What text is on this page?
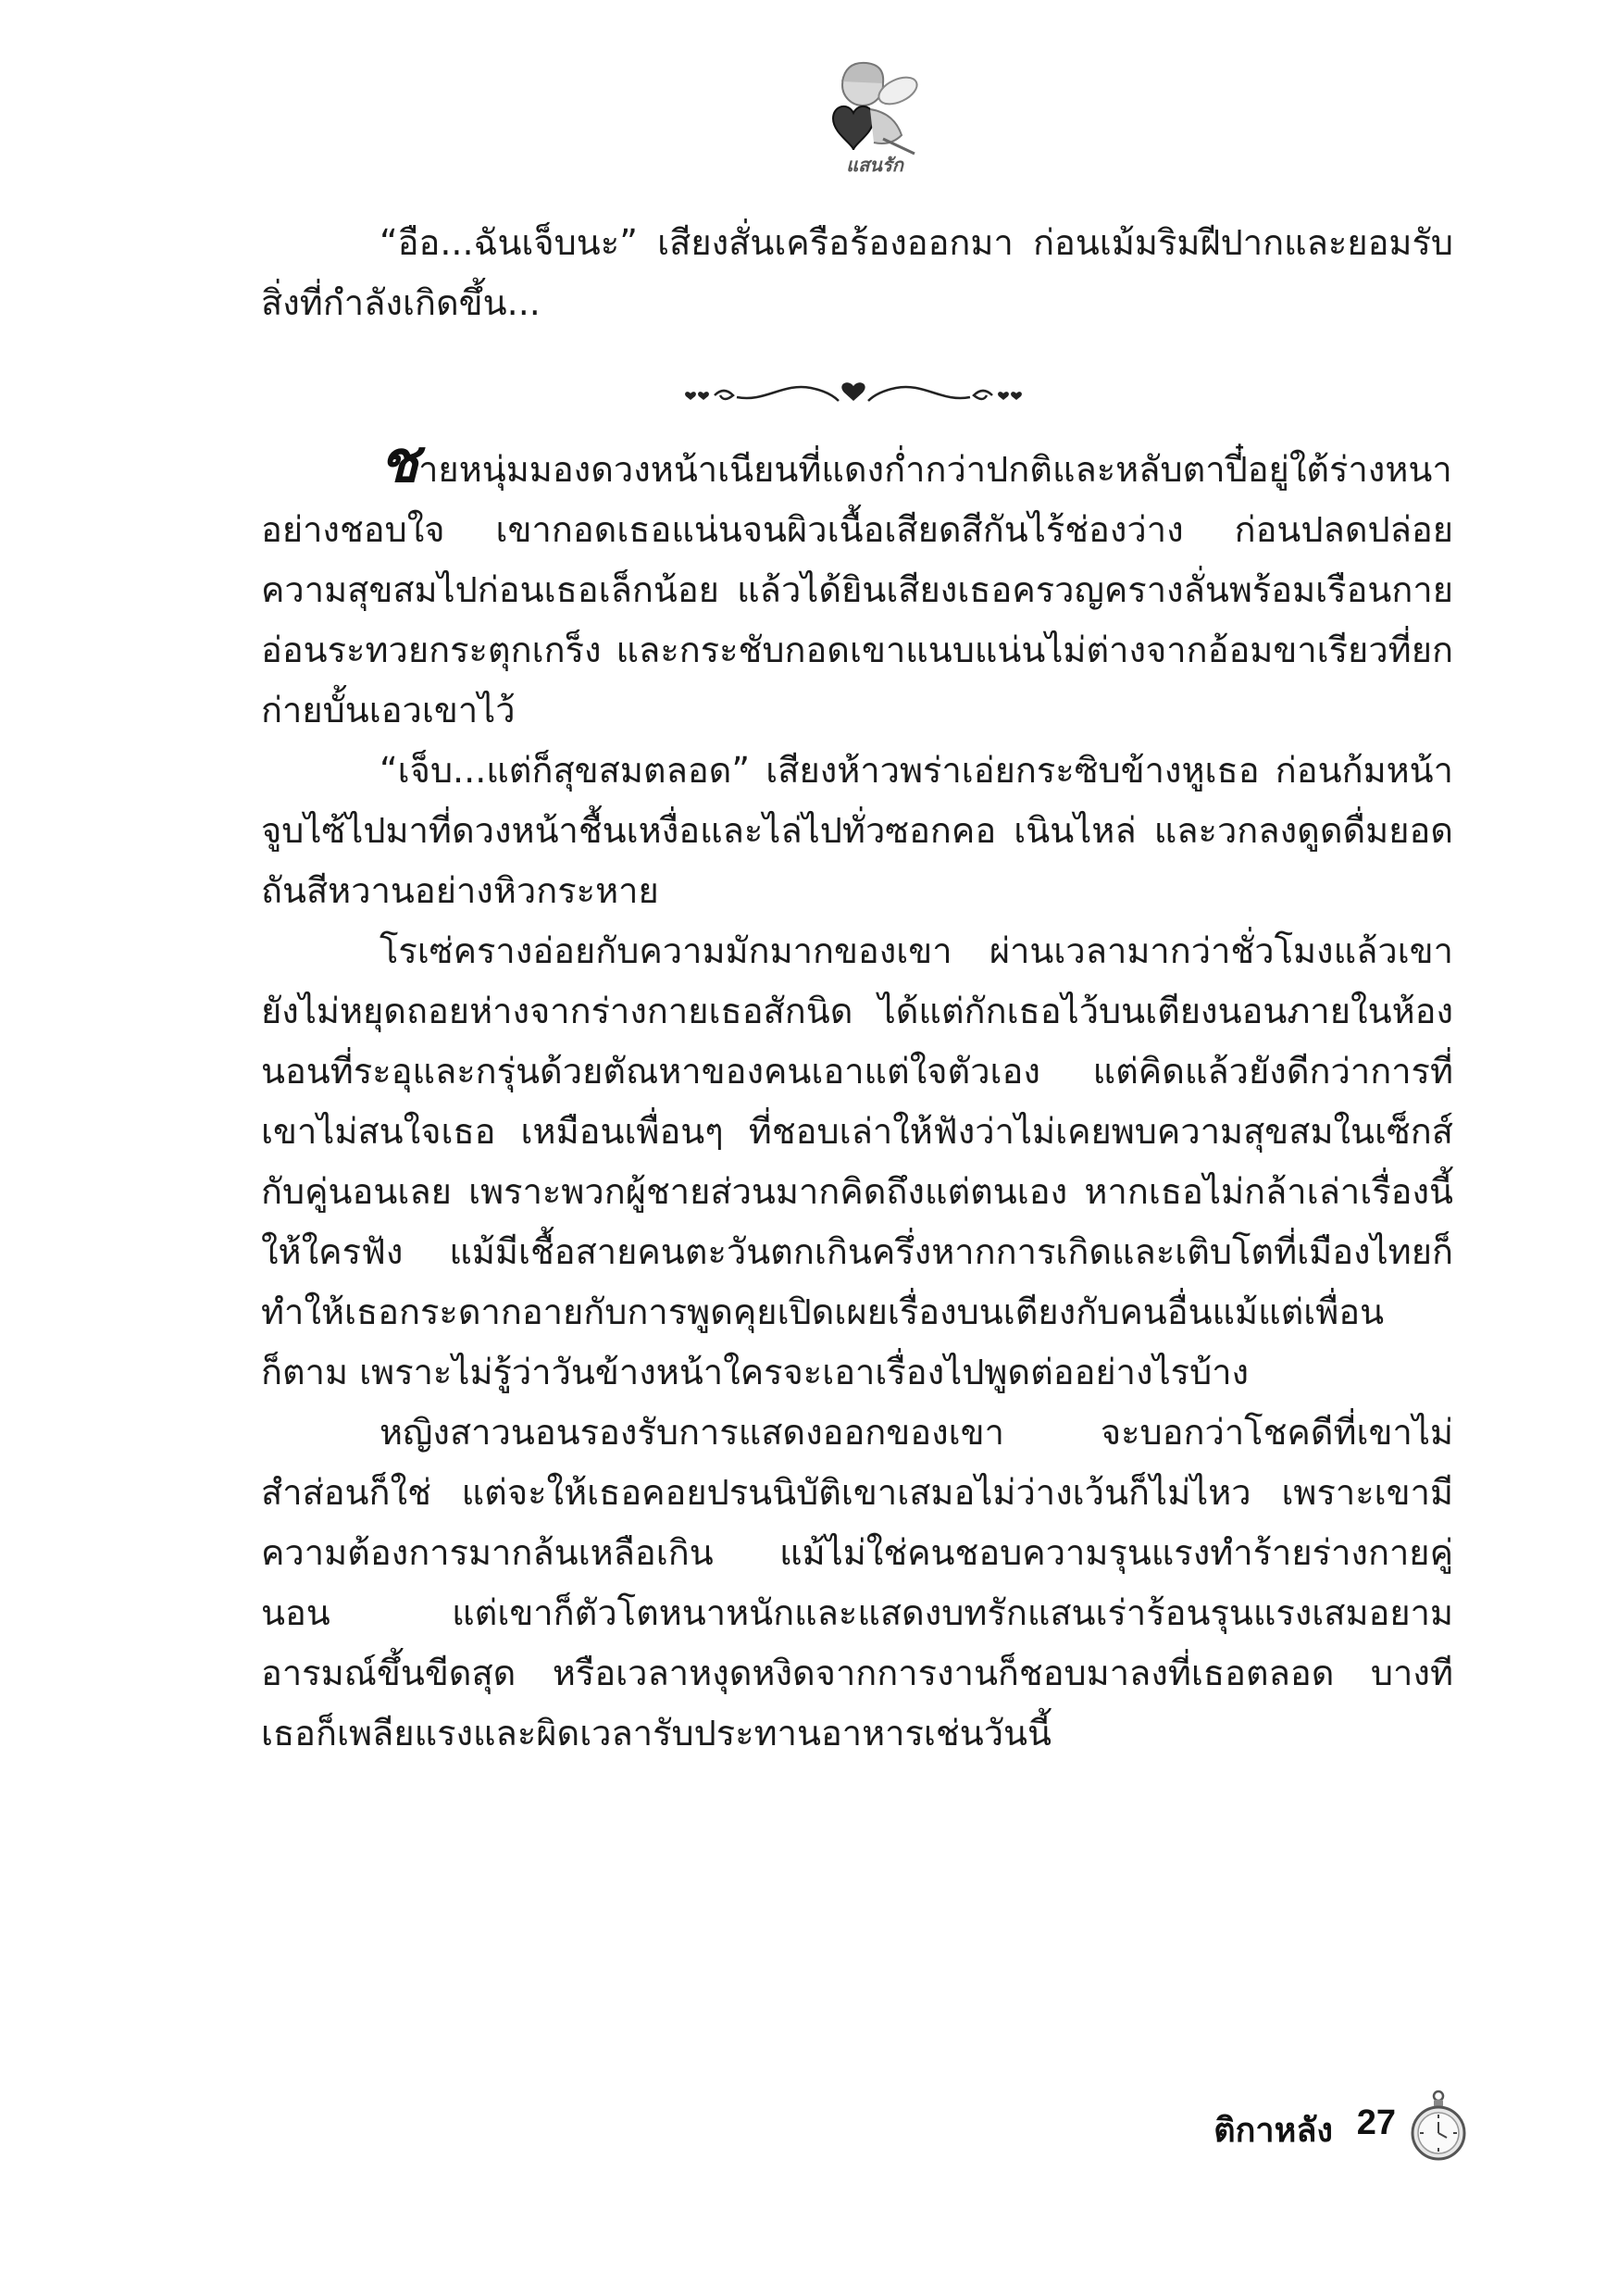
แสนรัก

“อือ...ฉันเจ็บนะ” เสียงสั่นเครือร้องออกมา ก่อนเม้มริมฝีปากและยอมรับสิ่งที่กำลังเกิดขึ้น...

ชายหนุ่มมองดวงหน้าเนียนที่แดงก่ำกว่าปกติและหลับตาปี๋อยู่ใต้ร่างหนาอย่างชอบใจ เขากอดเธอแน่นจนผิวเนื้อเสียดสีกันไร้ช่องว่าง ก่อนปลดปล่อยความสุขสมไปก่อนเธอเล็กน้อย แล้วได้ยินเสียงเธอครวญครางลั่นพร้อมเรือนกายอ่อนระทวยกระตุกเกร็ง และกระชับกอดเขาแนบแน่นไม่ต่างจากอ้อมขาเรียวที่ยกก่ายบั้นเอวเขาไว้

“เจ็บ...แต่ก็สุขสมตลอด” เสียงห้าวพร่าเอ่ยกระซิบข้างหูเธอ ก่อนก้มหน้าจูบไซ้ไปมาที่ดวงหน้าชื้นเหงื่อและไล่ไปทั่วซอกคอ เนินไหล่ และวกลงดูดดื่มยอดถันสีหวานอย่างหิวกระหาย

โรเซ่ครางอ่อยกับความมักมากของเขา ผ่านเวลามากว่าชั่วโมงแล้วเขายังไม่หยุดถอยห่างจากร่างกายเธอสักนิด ได้แต่กักเธอไว้บนเตียงนอนภายในห้องนอนที่ระอุและกรุ่นด้วยตัณหาของคนเอาแต่ใจตัวเอง แต่คิดแล้วยังดีกว่าการที่เขาไม่สนใจเธอ เหมือนเพื่อนๆ ที่ชอบเล่าให้ฟังว่าไม่เคยพบความสุขสมในเซ็กส์กับคู่นอนเลย เพราะพวกผู้ชายส่วนมากคิดถึงแต่ตนเอง หากเธอไม่กล้าเล่าเรื่องนี้ให้ใครฟัง แม้มีเชื้อสายคนตะวันตกเกินครึ่งหากการเกิดและเติบโตที่เมืองไทยก็ทำให้เธอกระดากอายกับการพูดคุยเปิดเผยเรื่องบนเตียงกับคนอื่นแม้แต่เพื่อนก็ตาม เพราะไม่รู้ว่าวันข้างหน้าใครจะเอาเรื่องไปพูดต่ออย่างไรบ้าง

หญิงสาวนอนรองรับการแสดงออกของเขา จะบอกว่าโชคดีที่เขาไม่สำส่อนก็ใช่ แต่จะให้เธอคอยปรนนิบัติเขาเสมอไม่ว่างเว้นก็ไม่ไหว เพราะเขามีความต้องการมากล้นเหลือเกิน แม้ไม่ใช่คนชอบความรุนแรงทำร้ายร่างกายคู่นอน แต่เขาก็ตัวโตหนาหนักและแสดงบทรักแสนเร่าร้อนรุนแรงเสมอยามอารมณ์ขึ้นขีดสุด หรือเวลาหงุดหงิดจากการงานก็ชอบมาลงที่เธอตลอด บางทีเธอก็เพลียแรงและผิดเวลารับประทานอาหารเช่นวันนี้

ติกาหลัง 27
